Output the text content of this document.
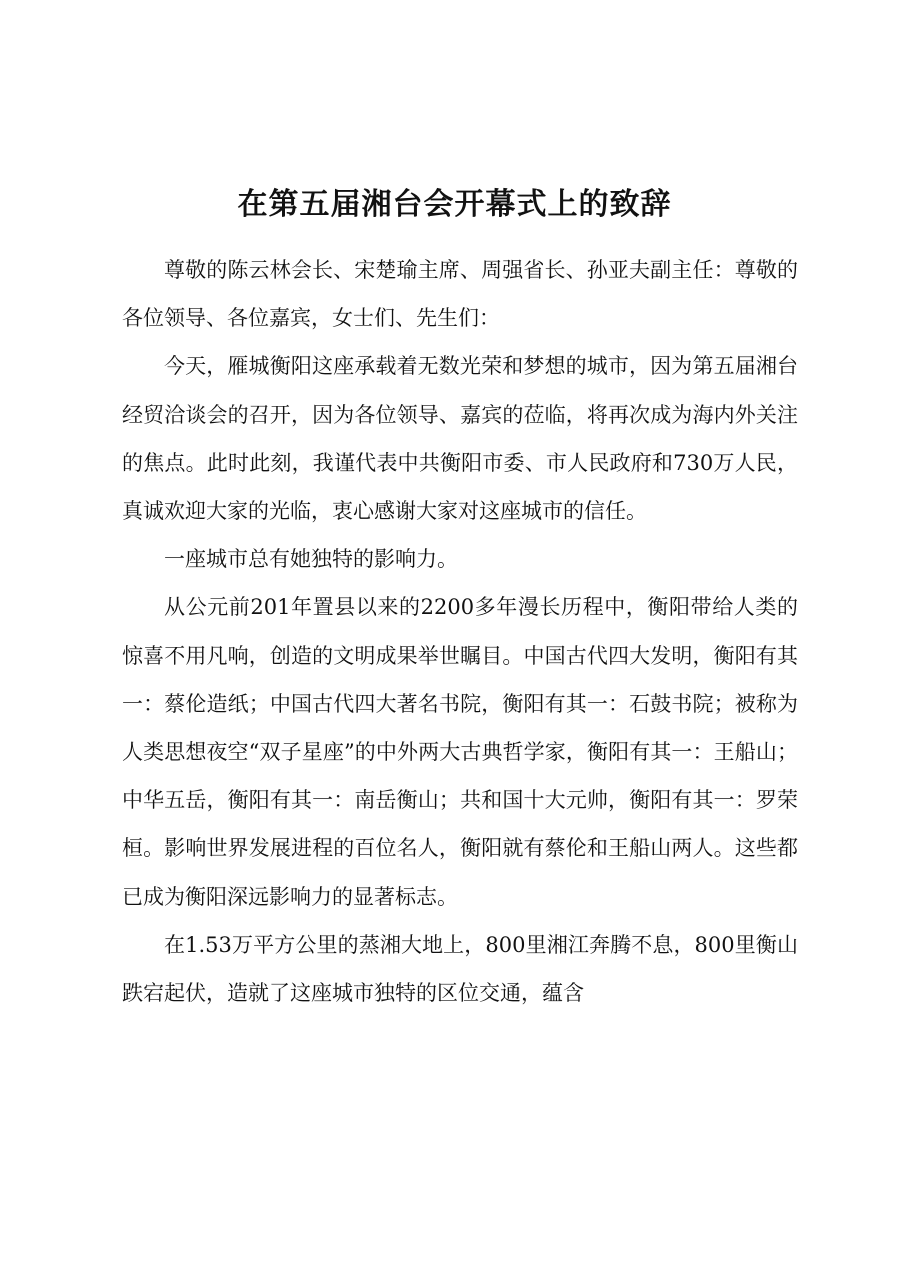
在第五届湘台会开幕式上的致辞

尊敬的陈云林会长、宋楚瑜主席、周强省长、孙亚夫副主任：尊敬的各位领导、各位嘉宾，女士们、先生们：

今天，雁城衡阳这座承载着无数光荣和梦想的城市，因为第五届湘台经贸洽谈会的召开，因为各位领导、嘉宾的莅临，将再次成为海内外关注的焦点。此时此刻，我谨代表中共衡阳市委、市人民政府和730万人民，真诚欢迎大家的光临，衷心感谢大家对这座城市的信任。

一座城市总有她独特的影响力。

从公元前201年置县以来的2200多年漫长历程中，衡阳带给人类的惊喜不用凡响，创造的文明成果举世瞩目。中国古代四大发明，衡阳有其一：蔡伦造纸；中国古代四大著名书院，衡阳有其一：石鼓书院；被称为人类思想夜空“双子星座”的中外两大古典哲学家，衡阳有其一：王船山；中华五岳，衡阳有其一：南岳衡山；共和国十大元帅，衡阳有其一：罗荣桓。影响世界发展进程的百位名人，衡阳就有蔡伦和王船山两人。这些都已成为衡阳深远影响力的显著标志。

在1.53万平方公里的蒸湘大地上，800里湘江奔腾不息，800里衡山跌宕起伏，造就了这座城市独特的区位交通，蕴含
